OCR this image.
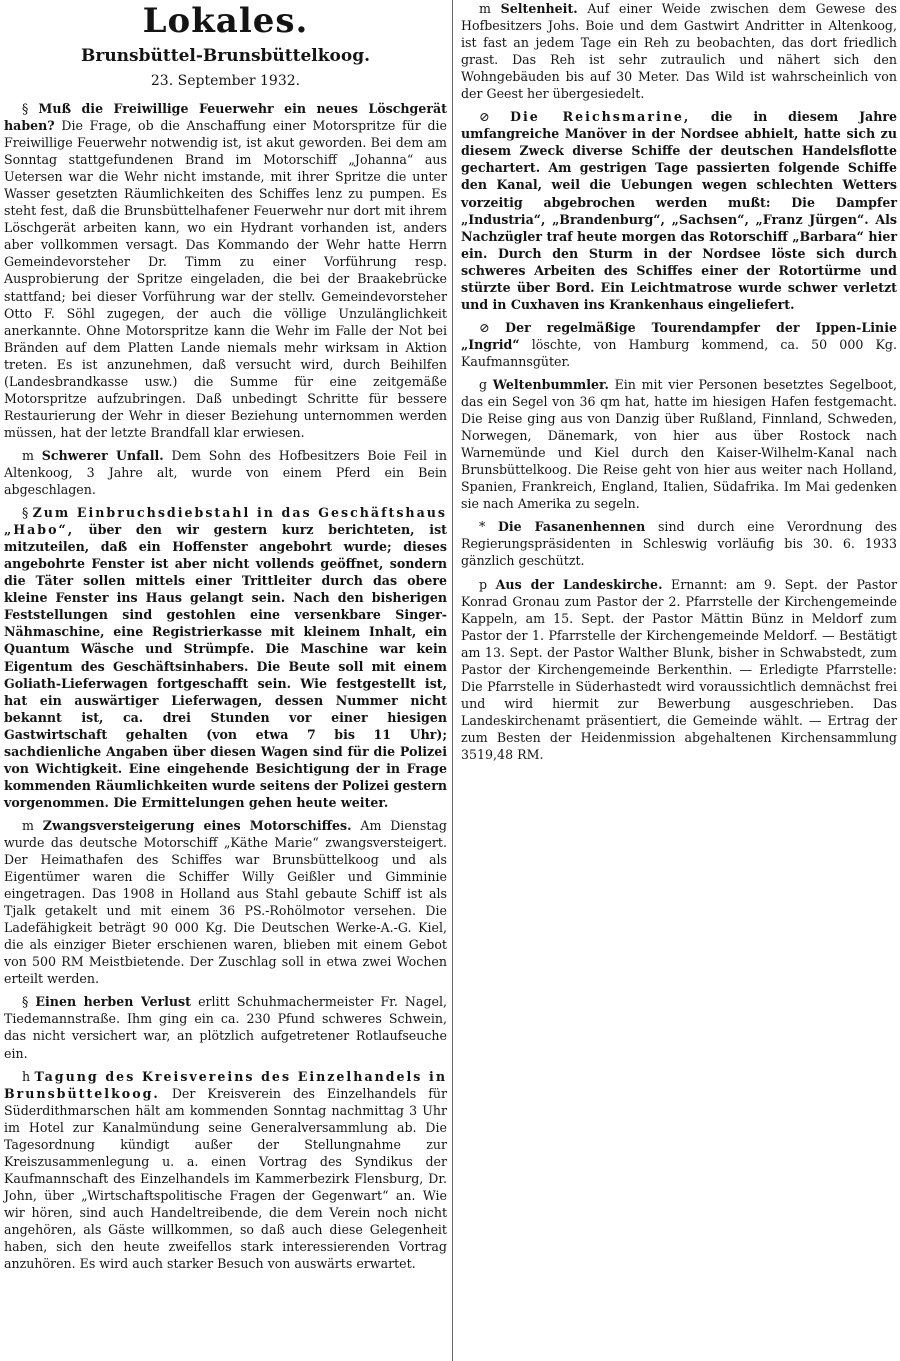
Lokales.
Brunsbüttel-Brunsbüttelkoog.
23. September 1932.

§ Muß die Freiwillige Feuerwehr ein neues Löschgerät haben? Die Frage, ob die Anschaffung einer Motorspritze für die Freiwillige Feuerwehr notwendig ist, ist akut geworden. Bei dem am Sonntag stattgefundenen Brand im Motorschiff „Johanna“ aus Uetersen war die Wehr nicht imstande, mit ihrer Spritze die unter Wasser gesetzten Räumlichkeiten des Schiffes lenz zu pumpen. Es steht fest, daß die Brunsbüttelhafener Feuerwehr nur dort mit ihrem Löschgerät arbeiten kann, wo ein Hydrant vorhanden ist, anders aber vollkommen versagt. Das Kommando der Wehr hatte Herrn Gemeindevorsteher Dr. Timm zu einer Vorführung resp. Ausprobierung der Spritze eingeladen, die bei der Braakebrücke stattfand; bei dieser Vorführung war der stellv. Gemeindevorsteher Otto F. Söhl zugegen, der auch die völlige Unzulänglichkeit anerkannte. Ohne Motorspritze kann die Wehr im Falle der Not bei Bränden auf dem Platten Lande niemals mehr wirksam in Aktion treten. Es ist anzunehmen, daß versucht wird, durch Beihilfen (Landesbrandkasse usw.) die Summe für eine zeitgemäße Motorspritze aufzubringen. Daß unbedingt Schritte für bessere Restaurierung der Wehr in dieser Beziehung unternommen werden müssen, hat der letzte Brandfall klar erwiesen.

m Schwerer Unfall. Dem Sohn des Hofbesitzers Boie Feil in Altenkoog, 3 Jahre alt, wurde von einem Pferd ein Bein abgeschlagen.

§ Zum Einbruchsdiebstahl in das Geschäftshaus „Habo“, über den wir gestern kurz berichteten, ist mitzuteilen, daß ein Hoffenster angebohrt wurde; dieses angebohrte Fenster ist aber nicht vollends geöffnet, sondern die Täter sollen mittels einer Trittleiter durch das obere kleine Fenster ins Haus gelangt sein. Nach den bisherigen Feststellungen sind gestohlen eine versenkbare Singer-Nähmaschine, eine Registrierkasse mit kleinem Inhalt, ein Quantum Wäsche und Strümpfe. Die Maschine war kein Eigentum des Geschäftsinhabers. Die Beute soll mit einem Goliath-Lieferwagen fortgeschafft sein. Wie festgestellt ist, hat ein auswärtiger Lieferwagen, dessen Nummer nicht bekannt ist, ca. drei Stunden vor einer hiesigen Gastwirtschaft gehalten (von etwa 7 bis 11 Uhr); sachdienliche Angaben über diesen Wagen sind für die Polizei von Wichtigkeit. Eine eingehende Besichtigung der in Frage kommenden Räumlichkeiten wurde seitens der Polizei gestern vorgenommen. Die Ermittelungen gehen heute weiter.

m Zwangsversteigerung eines Motorschiffes. Am Dienstag wurde das deutsche Motorschiff „Käthe Marie“ zwangsversteigert. Der Heimathafen des Schiffes war Brunsbüttelkoog und als Eigentümer waren die Schiffer Willy Geißler und Gimminie eingetragen. Das 1908 in Holland aus Stahl gebaute Schiff ist als Tjalk getakelt und mit einem 36 PS.-Rohölmotor versehen. Die Ladefähigkeit beträgt 90 000 Kg. Die Deutschen Werke-A.-G. Kiel, die als einziger Bieter erschienen waren, blieben mit einem Gebot von 500 RM Meistbietende. Der Zuschlag soll in etwa zwei Wochen erteilt werden.

§ Einen herben Verlust erlitt Schuhmachermeister Fr. Nagel, Tiedemannstraße. Ihm ging ein ca. 230 Pfund schweres Schwein, das nicht versichert war, an plötzlich aufgetretener Rotlaufseuche ein.

h Tagung des Kreisvereins des Einzelhandels in Brunsbüttelkoog. Der Kreisverein des Einzelhandels für Süderdithmarschen hält am kommenden Sonntag nachmittag 3 Uhr im Hotel zur Kanalmündung seine Generalversammlung ab. Die Tagesordnung kündigt außer der Stellungnahme zur Kreiszusammenlegung u. a. einen Vortrag des Syndikus der Kaufmannschaft des Einzelhandels im Kammerbezirk Flensburg, Dr. John, über „Wirtschaftspolitische Fragen der Gegenwart“ an. Wie wir hören, sind auch Handeltreibende, die dem Verein noch nicht angehören, als Gäste willkommen, so daß auch diese Gelegenheit haben, sich den heute zweifellos stark interessierenden Vortrag anzuhören. Es wird auch starker Besuch von auswärts erwartet.

m Seltenheit. Auf einer Weide zwischen dem Gewese des Hofbesitzers Johs. Boie und dem Gastwirt Andritter in Altenkoog, ist fast an jedem Tage ein Reh zu beobachten, das dort friedlich grast. Das Reh ist sehr zutraulich und nähert sich den Wohngebäuden bis auf 30 Meter. Das Wild ist wahrscheinlich von der Geest her übergesiedelt.

⊘ Die Reichsmarine, die in diesem Jahre umfangreiche Manöver in der Nordsee abhielt, hatte sich zu diesem Zweck diverse Schiffe der deutschen Handelsflotte gechartert. Am gestrigen Tage passierten folgende Schiffe den Kanal, weil die Uebungen wegen schlechten Wetters vorzeitig abgebrochen werden mußt: Die Dampfer „Industria“, „Brandenburg“, „Sachsen“, „Franz Jürgen“. Als Nachzügler traf heute morgen das Rotorschiff „Barbara“ hier ein. Durch den Sturm in der Nordsee löste sich durch schweres Arbeiten des Schiffes einer der Rotortürme und stürzte über Bord. Ein Leichtmatrose wurde schwer verletzt und in Cuxhaven ins Krankenhaus eingeliefert.

⊘ Der regelmäßige Tourendampfer der Ippen-Linie „Ingrid“ löschte, von Hamburg kommend, ca. 50 000 Kg. Kaufmannsgüter.

g Weltenbummler. Ein mit vier Personen besetztes Segelboot, das ein Segel von 36 qm hat, hatte im hiesigen Hafen festgemacht. Die Reise ging aus von Danzig über Rußland, Finnland, Schweden, Norwegen, Dänemark, von hier aus über Rostock nach Warnemünde und Kiel durch den Kaiser-Wilhelm-Kanal nach Brunsbüttelkoog. Die Reise geht von hier aus weiter nach Holland, Spanien, Frankreich, England, Italien, Südafrika. Im Mai gedenken sie nach Amerika zu segeln.

* Die Fasanenhennen sind durch eine Verordnung des Regierungspräsidenten in Schleswig vorläufig bis 30. 6. 1933 gänzlich geschützt.

p Aus der Landeskirche. Ernannt: am 9. Sept. der Pastor Konrad Gronau zum Pastor der 2. Pfarrstelle der Kirchengemeinde Kappeln, am 15. Sept. der Pastor Mättin Bünz in Meldorf zum Pastor der 1. Pfarrstelle der Kirchengemeinde Meldorf. — Bestätigt am 13. Sept. der Pastor Walther Blunk, bisher in Schwabstedt, zum Pastor der Kirchengemeinde Berkenthin. — Erledigte Pfarrstelle: Die Pfarrstelle in Süderhastedt wird voraussichtlich demnächst frei und wird hiermit zur Bewerbung ausgeschrieben. Das Landeskirchenamt präsentiert, die Gemeinde wählt. — Ertrag der zum Besten der Heidenmission abgehaltenen Kirchensammlung 3519,48 RM.
